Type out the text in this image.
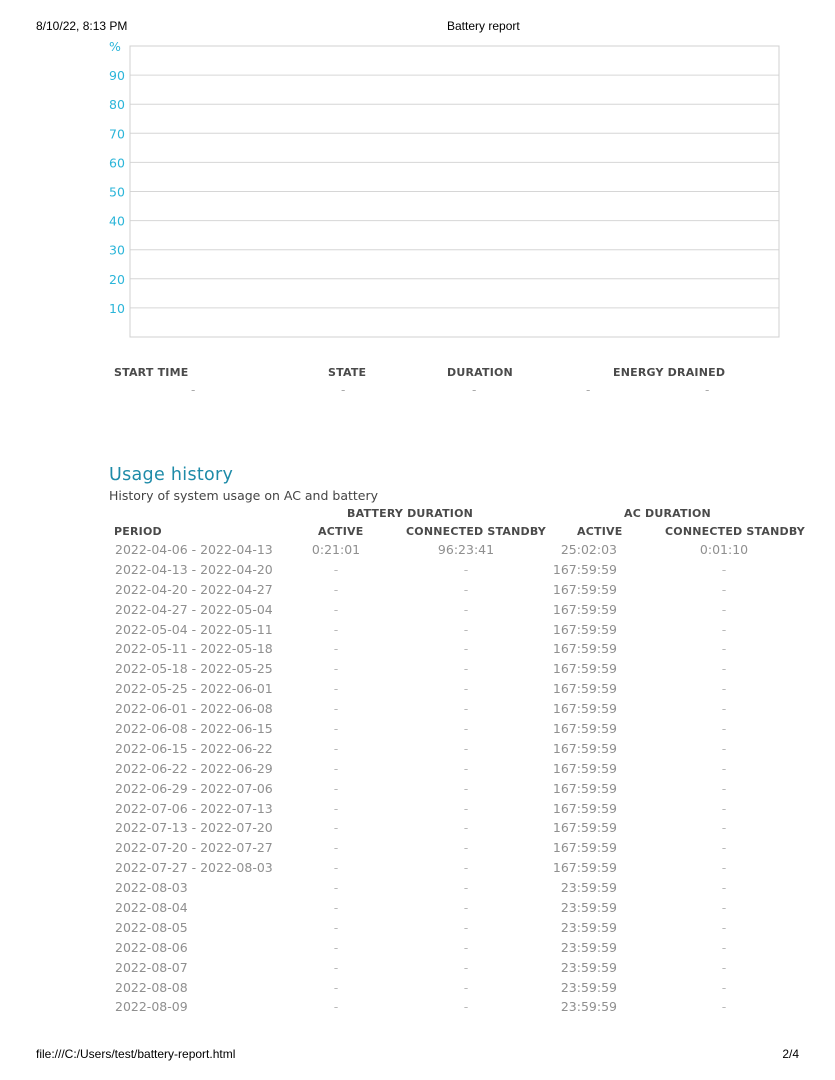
8/10/22, 8:13 PM	Battery report
file:///C:/Users/test/battery-report.html	2/4
%
90
80
70
60
50
40
30
20
10
START TIME	STATE	DURATION	ENERGY DRAINED
-	-	-	-	-
Usage history
History of system usage on AC and battery
BATTERY DURATION	AC DURATION
PERIOD	ACTIVE	CONNECTED STANDBY	ACTIVE	CONNECTED STANDBY
2022-04-06 - 2022-04-13	0:21:01	96:23:41	25:02:03	0:01:10
2022-04-13 - 2022-04-20	-	-	167:59:59	-
2022-04-20 - 2022-04-27	-	-	167:59:59	-
2022-04-27 - 2022-05-04	-	-	167:59:59	-
2022-05-04 - 2022-05-11	-	-	167:59:59	-
2022-05-11 - 2022-05-18	-	-	167:59:59	-
2022-05-18 - 2022-05-25	-	-	167:59:59	-
2022-05-25 - 2022-06-01	-	-	167:59:59	-
2022-06-01 - 2022-06-08	-	-	167:59:59	-
2022-06-08 - 2022-06-15	-	-	167:59:59	-
2022-06-15 - 2022-06-22	-	-	167:59:59	-
2022-06-22 - 2022-06-29	-	-	167:59:59	-
2022-06-29 - 2022-07-06	-	-	167:59:59	-
2022-07-06 - 2022-07-13	-	-	167:59:59	-
2022-07-13 - 2022-07-20	-	-	167:59:59	-
2022-07-20 - 2022-07-27	-	-	167:59:59	-
2022-07-27 - 2022-08-03	-	-	167:59:59	-
2022-08-03	-	-	23:59:59	-
2022-08-04	-	-	23:59:59	-
2022-08-05	-	-	23:59:59	-
2022-08-06	-	-	23:59:59	-
2022-08-07	-	-	23:59:59	-
2022-08-08	-	-	23:59:59	-
2022-08-09	-	-	23:59:59	-
